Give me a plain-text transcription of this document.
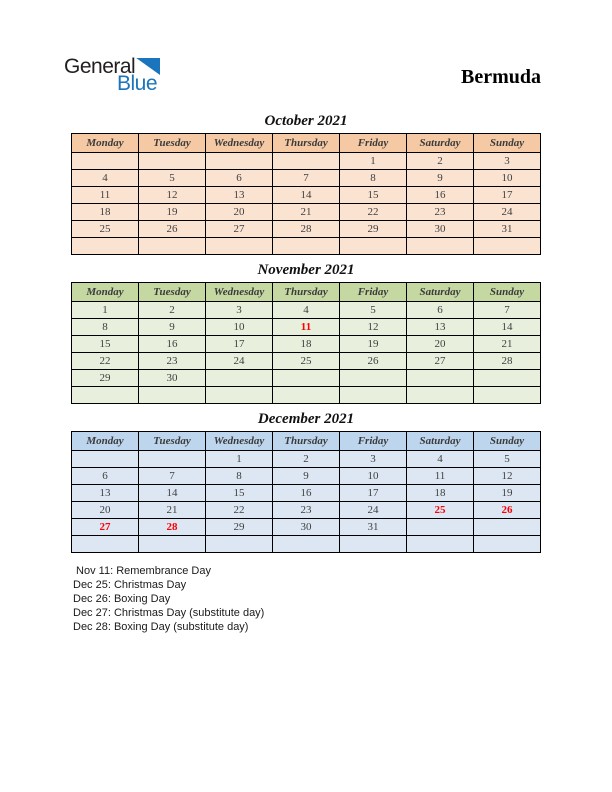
General
Blue	Bermuda
October 2021
Monday	Tuesday	Wednesday	Thursday	Friday	Saturday	Sunday
				1	2	3
4	5	6	7	8	9	10
11	12	13	14	15	16	17
18	19	20	21	22	23	24
25	26	27	28	29	30	31

November 2021
Monday	Tuesday	Wednesday	Thursday	Friday	Saturday	Sunday
1	2	3	4	5	6	7
8	9	10	11	12	13	14
15	16	17	18	19	20	21
22	23	24	25	26	27	28
29	30					

December 2021
Monday	Tuesday	Wednesday	Thursday	Friday	Saturday	Sunday
		1	2	3	4	5
6	7	8	9	10	11	12
13	14	15	16	17	18	19
20	21	22	23	24	25	26
27	28	29	30	31		

Nov 11: Remembrance Day
Dec 25: Christmas Day
Dec 26: Boxing Day
Dec 27: Christmas Day (substitute day)
Dec 28: Boxing Day (substitute day)
